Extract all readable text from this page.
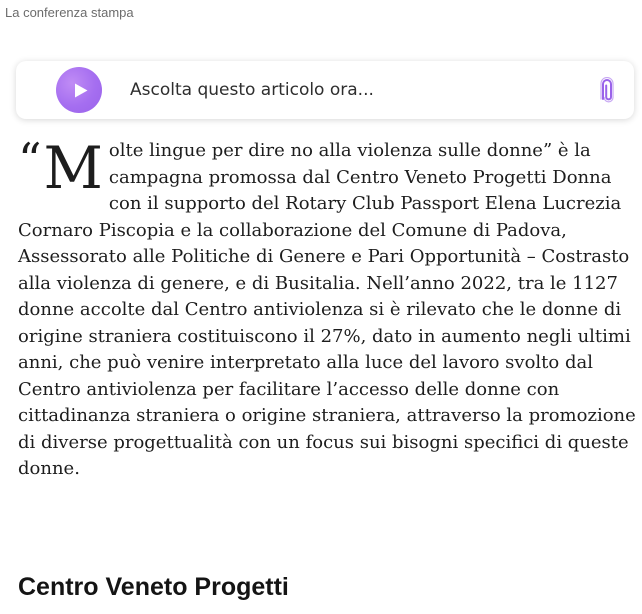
La conferenza stampa
Ascolta questo articolo ora...

“ M olte lingue per dire no alla violenza sulle donne” è la campagna promossa dal Centro Veneto Progetti Donna con il supporto del Rotary Club Passport Elena Lucrezia Cornaro Piscopia e la collaborazione del Comune di Padova, Assessorato alle Politiche di Genere e Pari Opportunità – Costrasto alla violenza di genere, e di Busitalia. Nell’anno 2022, tra le 1127 donne accolte dal Centro antiviolenza si è rilevato che le donne di origine straniera costituiscono il 27%, dato in aumento negli ultimi anni, che può venire interpretato alla luce del lavoro svolto dal Centro antiviolenza per facilitare l’accesso delle donne con cittadinanza straniera o origine straniera, attraverso la promozione di diverse progettualità con un focus sui bisogni specifici di queste donne.

Centro Veneto Progetti
